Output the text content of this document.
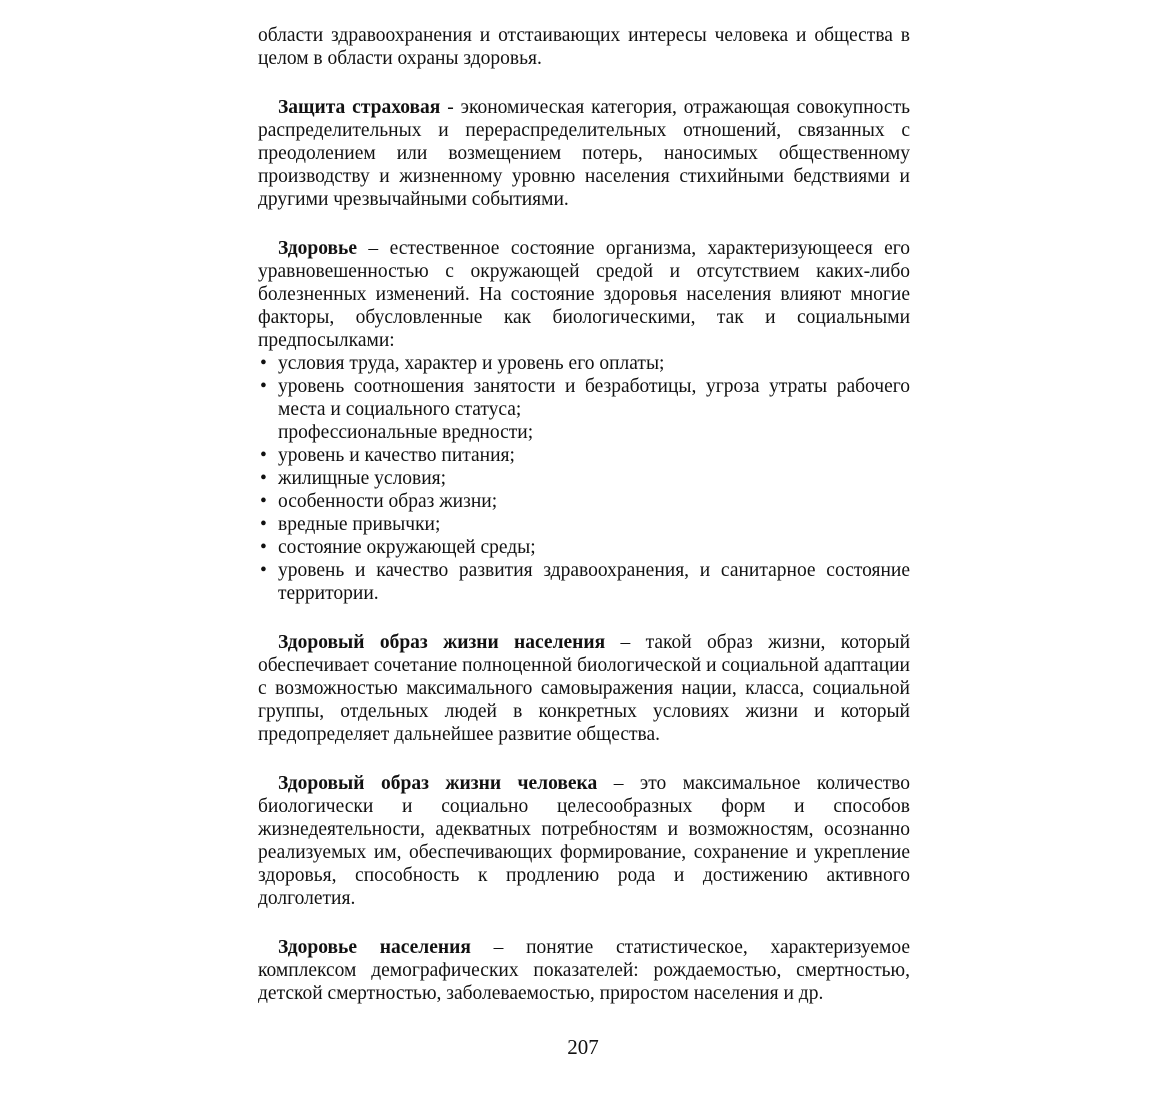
области здравоохранения и отстаивающих интересы человека и общества в целом в области охраны здоровья.

Защита страховая - экономическая категория, отражающая совокупность распределительных и перераспределительных отношений, связанных с преодолением или возмещением потерь, наносимых общественному производству и жизненному уровню населения стихийными бедствиями и другими чрезвычайными событиями.

Здоровье – естественное состояние организма, характеризующееся его уравновешенностью с окружающей средой и отсутствием каких-либо болезненных изменений. На состояние здоровья населения влияют многие факторы, обусловленные как биологическими, так и социальными предпосылками:

• условия труда, характер и уровень его оплаты;
• уровень соотношения занятости и безработицы, угроза утраты рабочего места и социального статуса;
профессиональные вредности;
• уровень и качество питания;
• жилищные условия;
• особенности образ жизни;
• вредные привычки;
• состояние окружающей среды;
• уровень и качество развития здравоохранения, и санитарное состояние территории.

Здоровый образ жизни населения – такой образ жизни, который обеспечивает сочетание полноценной биологической и социальной адаптации с возможностью максимального самовыражения нации, класса, социальной группы, отдельных людей в конкретных условиях жизни и который предопределяет дальнейшее развитие общества.

Здоровый образ жизни человека – это максимальное количество биологически и социально целесообразных форм и способов жизнедеятельности, адекватных потребностям и возможностям, осознанно реализуемых им, обеспечивающих формирование, сохранение и укрепление здоровья, способность к продлению рода и достижению активного долголетия.

Здоровье населения – понятие статистическое, характеризуемое комплексом демографических показателей: рождаемостью, смертностью, детской смертностью, заболеваемостью, приростом населения и др.

207
